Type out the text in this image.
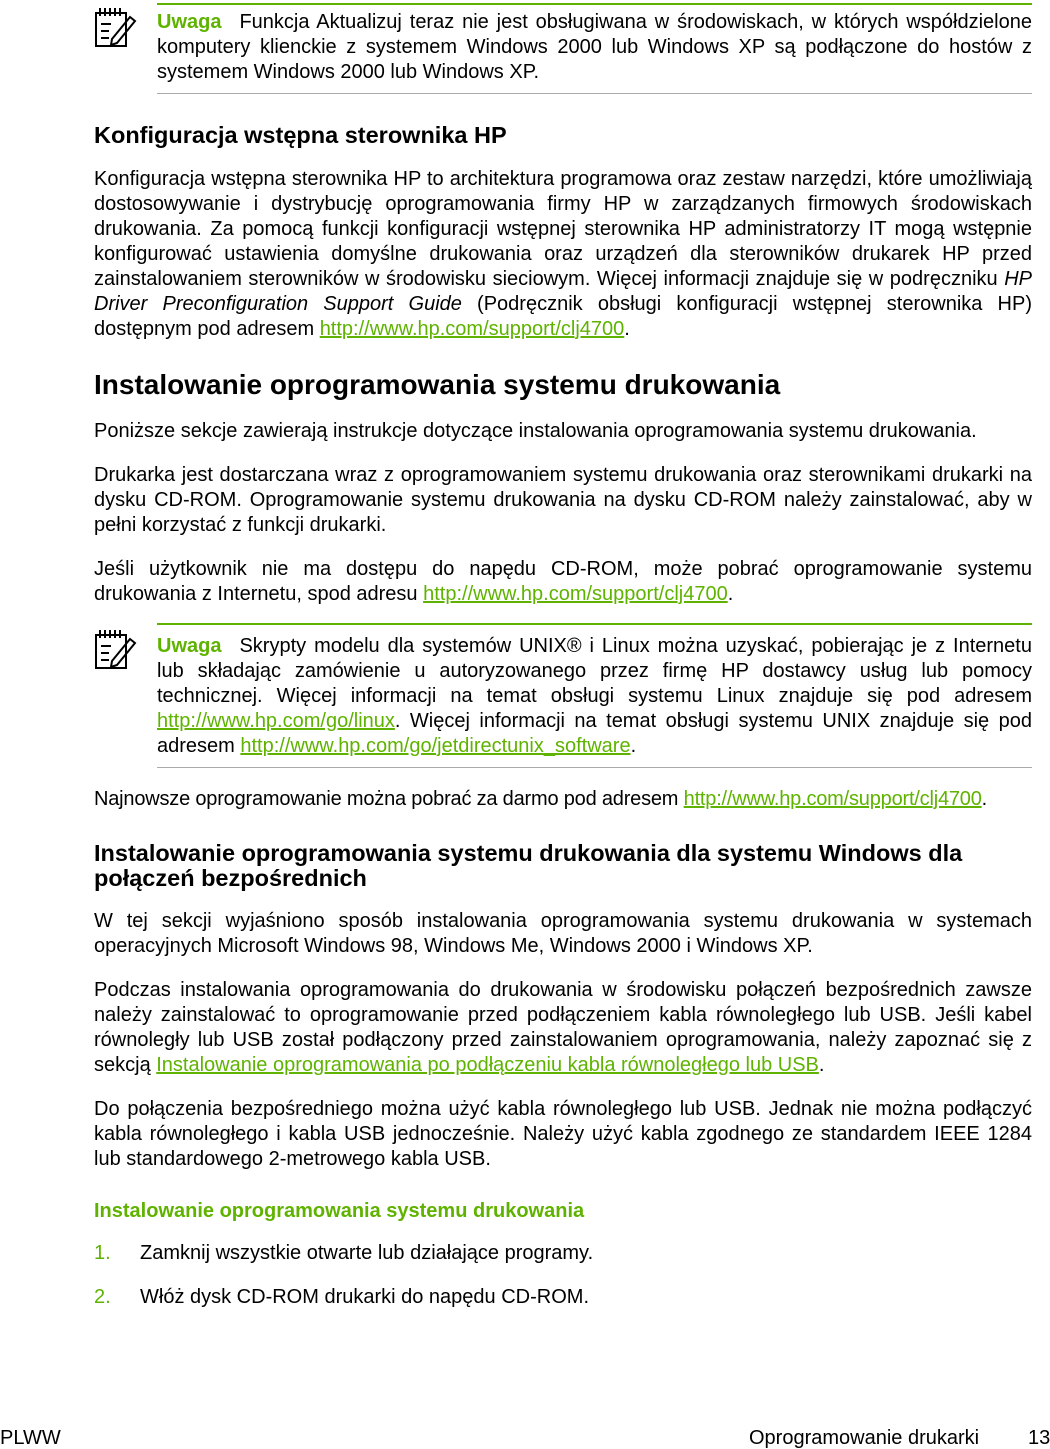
Uwaga Funkcja Aktualizuj teraz nie jest obsługiwana w środowiskach, w których współdzielone komputery klienckie z systemem Windows 2000 lub Windows XP są podłączone do hostów z systemem Windows 2000 lub Windows XP.
Konfiguracja wstępna sterownika HP
Konfiguracja wstępna sterownika HP to architektura programowa oraz zestaw narzędzi, które umożliwiają dostosowywanie i dystrybucję oprogramowania firmy HP w zarządzanych firmowych środowiskach drukowania. Za pomocą funkcji konfiguracji wstępnej sterownika HP administratorzy IT mogą wstępnie konfigurować ustawienia domyślne drukowania oraz urządzeń dla sterowników drukarek HP przed zainstalowaniem sterowników w środowisku sieciowym. Więcej informacji znajduje się w podręczniku HP Driver Preconfiguration Support Guide (Podręcznik obsługi konfiguracji wstępnej sterownika HP) dostępnym pod adresem http://www.hp.com/support/clj4700.
Instalowanie oprogramowania systemu drukowania
Poniższe sekcje zawierają instrukcje dotyczące instalowania oprogramowania systemu drukowania.
Drukarka jest dostarczana wraz z oprogramowaniem systemu drukowania oraz sterownikami drukarki na dysku CD-ROM. Oprogramowanie systemu drukowania na dysku CD-ROM należy zainstalować, aby w pełni korzystać z funkcji drukarki.
Jeśli użytkownik nie ma dostępu do napędu CD-ROM, może pobrać oprogramowanie systemu drukowania z Internetu, spod adresu http://www.hp.com/support/clj4700.
Uwaga Skrypty modelu dla systemów UNIX® i Linux można uzyskać, pobierając je z Internetu lub składając zamówienie u autoryzowanego przez firmę HP dostawcy usług lub pomocy technicznej. Więcej informacji na temat obsługi systemu Linux znajduje się pod adresem http://www.hp.com/go/linux. Więcej informacji na temat obsługi systemu UNIX znajduje się pod adresem http://www.hp.com/go/jetdirectunix_software.
Najnowsze oprogramowanie można pobrać za darmo pod adresem http://www.hp.com/support/clj4700.
Instalowanie oprogramowania systemu drukowania dla systemu Windows dla połączeń bezpośrednich
W tej sekcji wyjaśniono sposób instalowania oprogramowania systemu drukowania w systemach operacyjnych Microsoft Windows 98, Windows Me, Windows 2000 i Windows XP.
Podczas instalowania oprogramowania do drukowania w środowisku połączeń bezpośrednich zawsze należy zainstalować to oprogramowanie przed podłączeniem kabla równoległego lub USB. Jeśli kabel równoległy lub USB został podłączony przed zainstalowaniem oprogramowania, należy zapoznać się z sekcją Instalowanie oprogramowania po podłączeniu kabla równoległego lub USB.
Do połączenia bezpośredniego można użyć kabla równoległego lub USB. Jednak nie można podłączyć kabla równoległego i kabla USB jednocześnie. Należy użyć kabla zgodnego ze standardem IEEE 1284 lub standardowego 2-metrowego kabla USB.
Instalowanie oprogramowania systemu drukowania
1. Zamknij wszystkie otwarte lub działające programy.
2. Włóż dysk CD-ROM drukarki do napędu CD-ROM.
PLWW	Oprogramowanie drukarki 13
